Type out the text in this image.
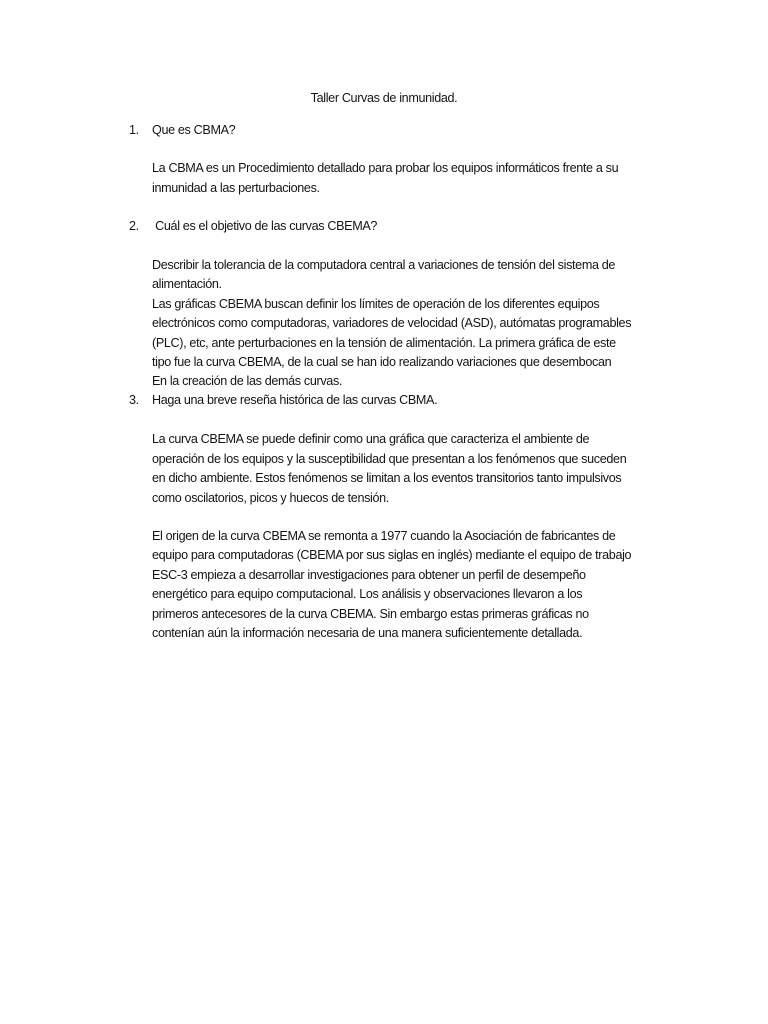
Taller Curvas de inmunidad.
1. Que es CBMA?
La CBMA es un Procedimiento detallado para probar los equipos informáticos frente a su
inmunidad a las perturbaciones.
2. Cuál es el objetivo de las curvas CBEMA?
Describir la tolerancia de la computadora central a variaciones de tensión del sistema de
alimentación.
Las gráficas CBEMA buscan definir los límites de operación de los diferentes equipos
electrónicos como computadoras, variadores de velocidad (ASD), autómatas programables
(PLC), etc, ante perturbaciones en la tensión de alimentación. La primera gráfica de este
tipo fue la curva CBEMA, de la cual se han ido realizando variaciones que desembocan
En la creación de las demás curvas.
3. Haga una breve reseña histórica de las curvas CBMA.
La curva CBEMA se puede definir como una gráfica que caracteriza el ambiente de
operación de los equipos y la susceptibilidad que presentan a los fenómenos que suceden
en dicho ambiente. Estos fenómenos se limitan a los eventos transitorios tanto impulsivos
como oscilatorios, picos y huecos de tensión.
El origen de la curva CBEMA se remonta a 1977 cuando la Asociación de fabricantes de
equipo para computadoras (CBEMA por sus siglas en inglés) mediante el equipo de trabajo
ESC-3 empieza a desarrollar investigaciones para obtener un perfil de desempeño
energético para equipo computacional. Los análisis y observaciones llevaron a los
primeros antecesores de la curva CBEMA. Sin embargo estas primeras gráficas no
contenían aún la información necesaria de una manera suficientemente detallada.
